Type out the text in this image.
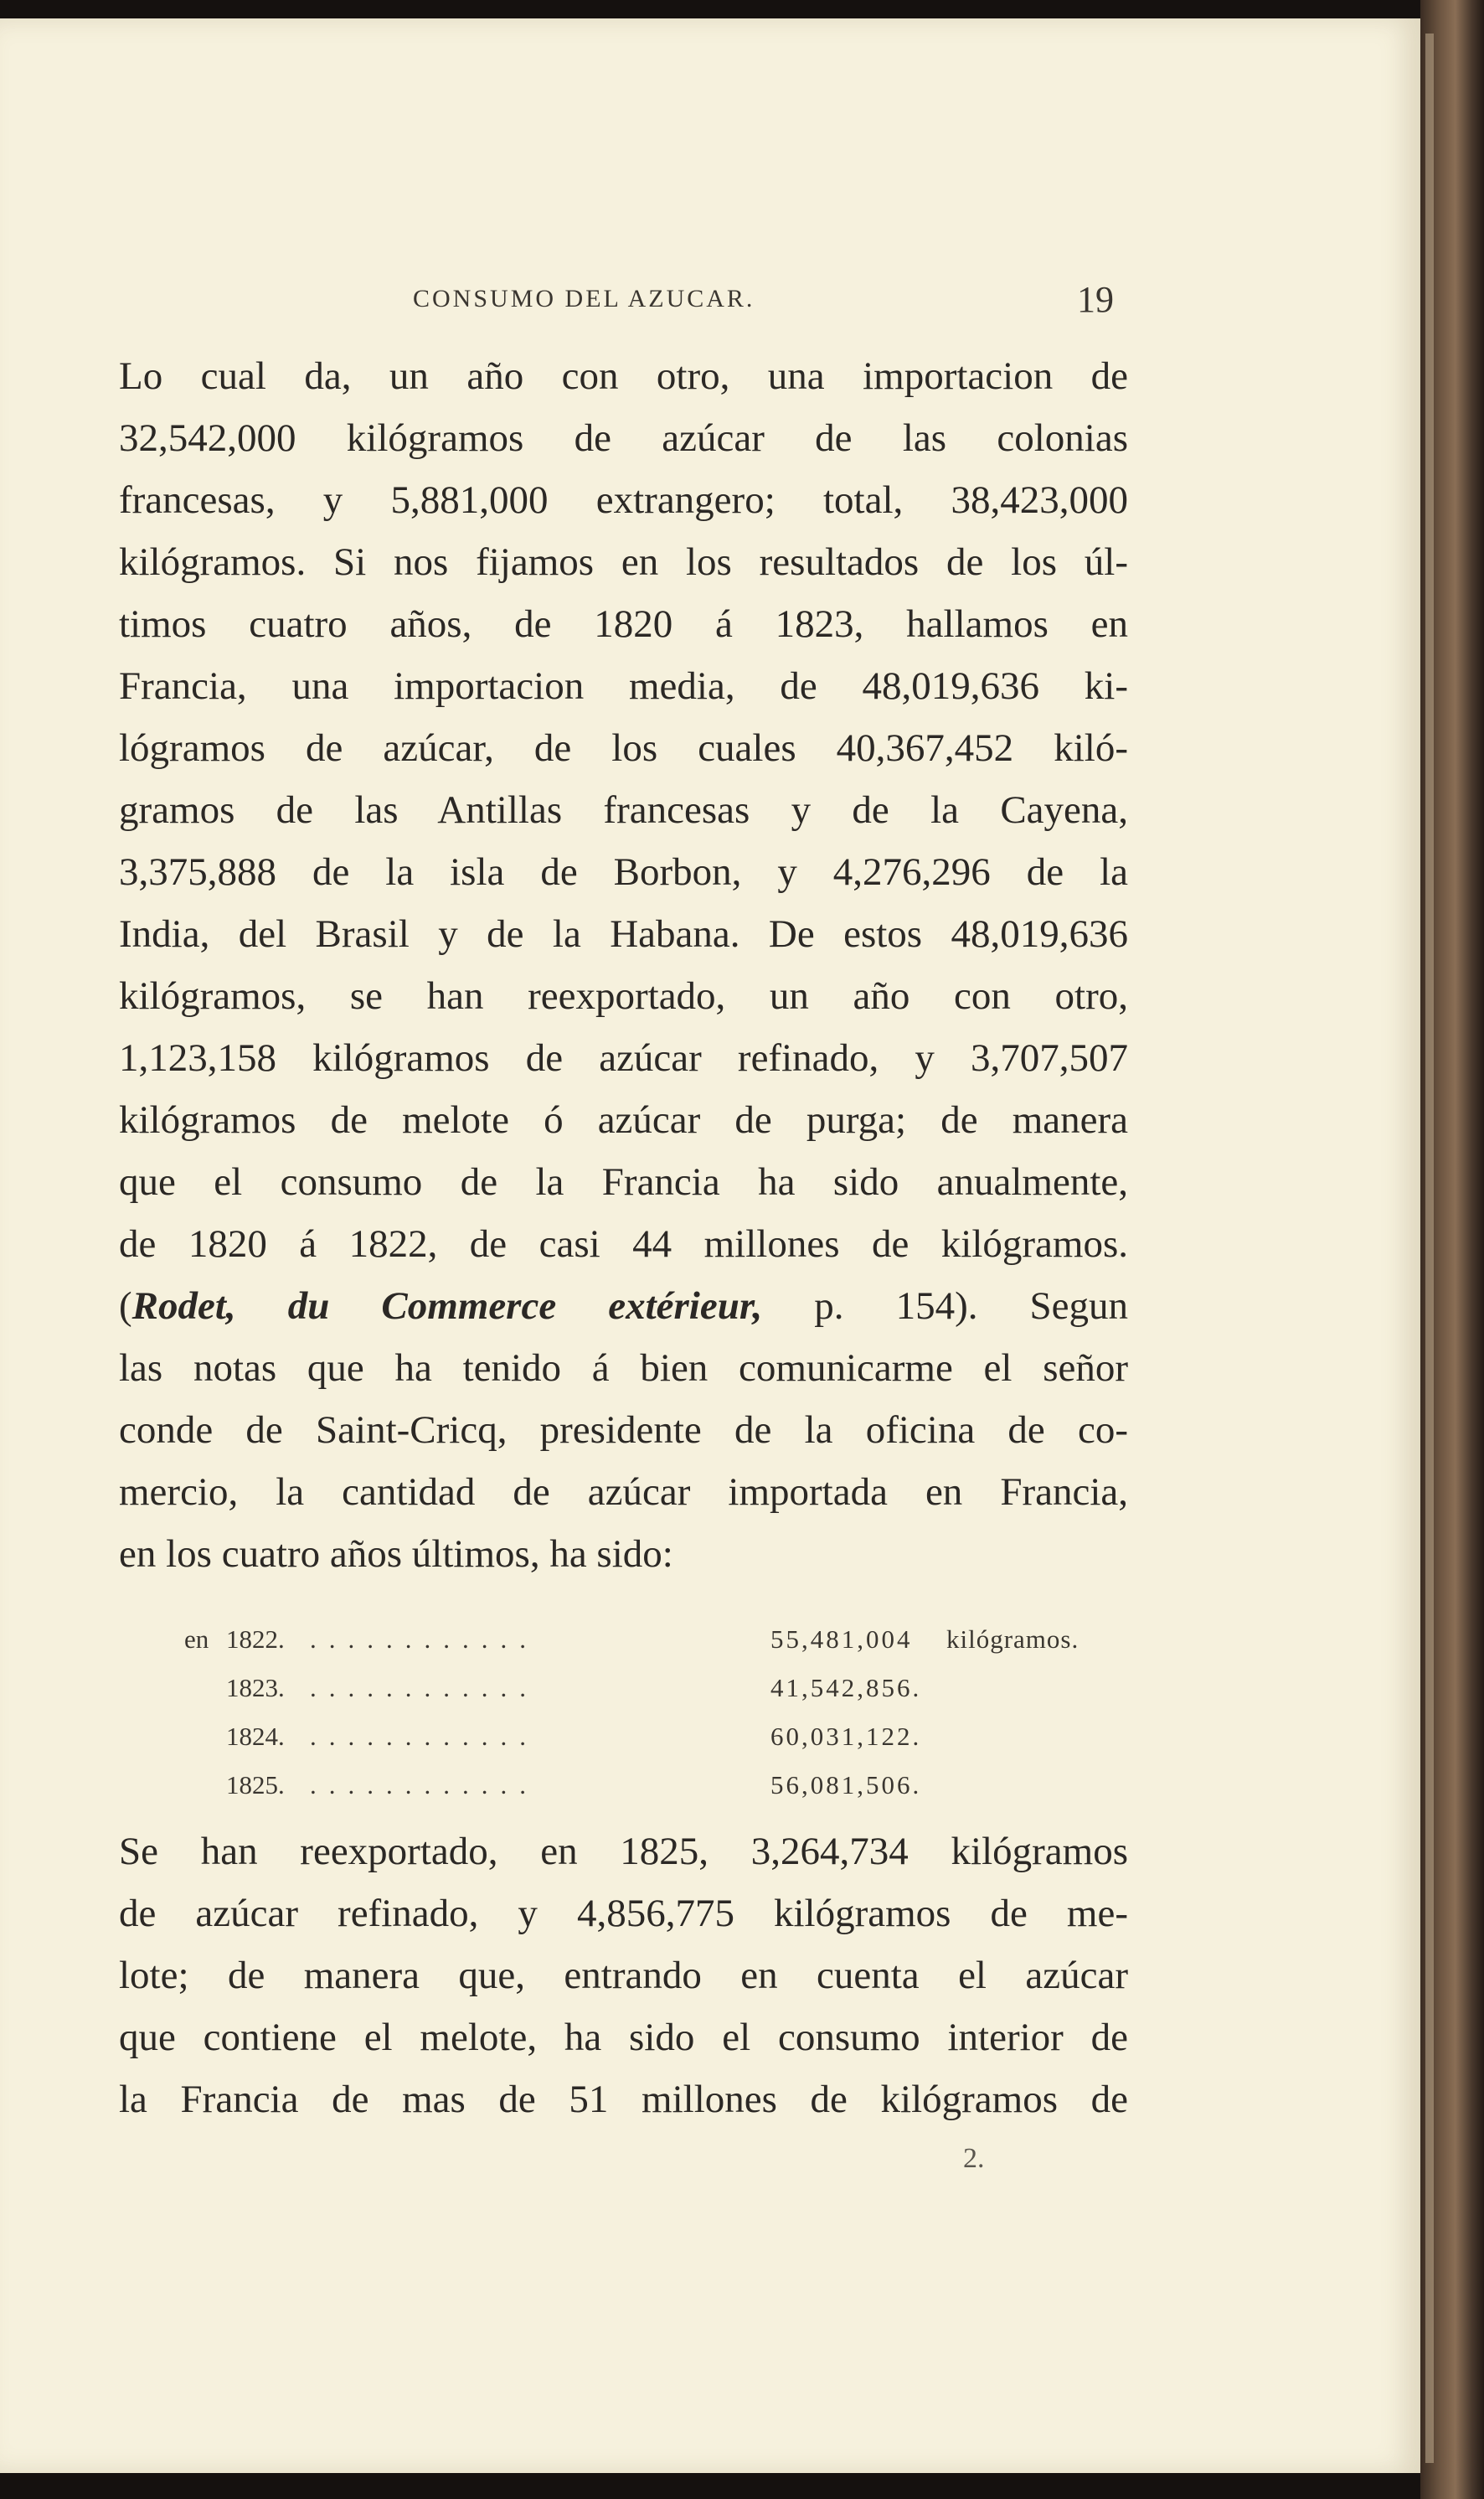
CONSUMO DEL AZUCAR.	19
Lo cual da, un año con otro, una importacion de
32,542,000 kilógramos de azúcar de las colonias
francesas, y 5,881,000 extrangero; total, 38,423,000
kilógramos. Si nos fijamos en los resultados de los úl-
timos cuatro años, de 1820 á 1823, hallamos en
Francia, una importacion media, de 48,019,636 ki-
lógramos de azúcar, de los cuales 40,367,452 kiló-
gramos de las Antillas francesas y de la Cayena,
3,375,888 de la isla de Borbon, y 4,276,296 de la
India, del Brasil y de la Habana. De estos 48,019,636
kilógramos, se han reexportado, un año con otro,
1,123,158 kilógramos de azúcar refinado, y 3,707,507
kilógramos de melote ó azúcar de purga; de manera
que el consumo de la Francia ha sido anualmente,
de 1820 á 1822, de casi 44 millones de kilógramos.
(Rodet, du Commerce extérieur, p. 154). Segun
las notas que ha tenido á bien comunicarme el señor
conde de Saint-Cricq, presidente de la oficina de co-
mercio, la cantidad de azúcar importada en Francia,
en los cuatro años últimos, ha sido:
en 1822. ............	55,481,004 kilógramos.
1823. ............	41,542,856.
1824. ............	60,031,122.
1825. ............	56,081,506.
Se han reexportado, en 1825, 3,264,734 kilógramos
de azúcar refinado, y 4,856,775 kilógramos de me-
lote; de manera que, entrando en cuenta el azúcar
que contiene el melote, ha sido el consumo interior de
la Francia de mas de 51 millones de kilógramos de
2.
